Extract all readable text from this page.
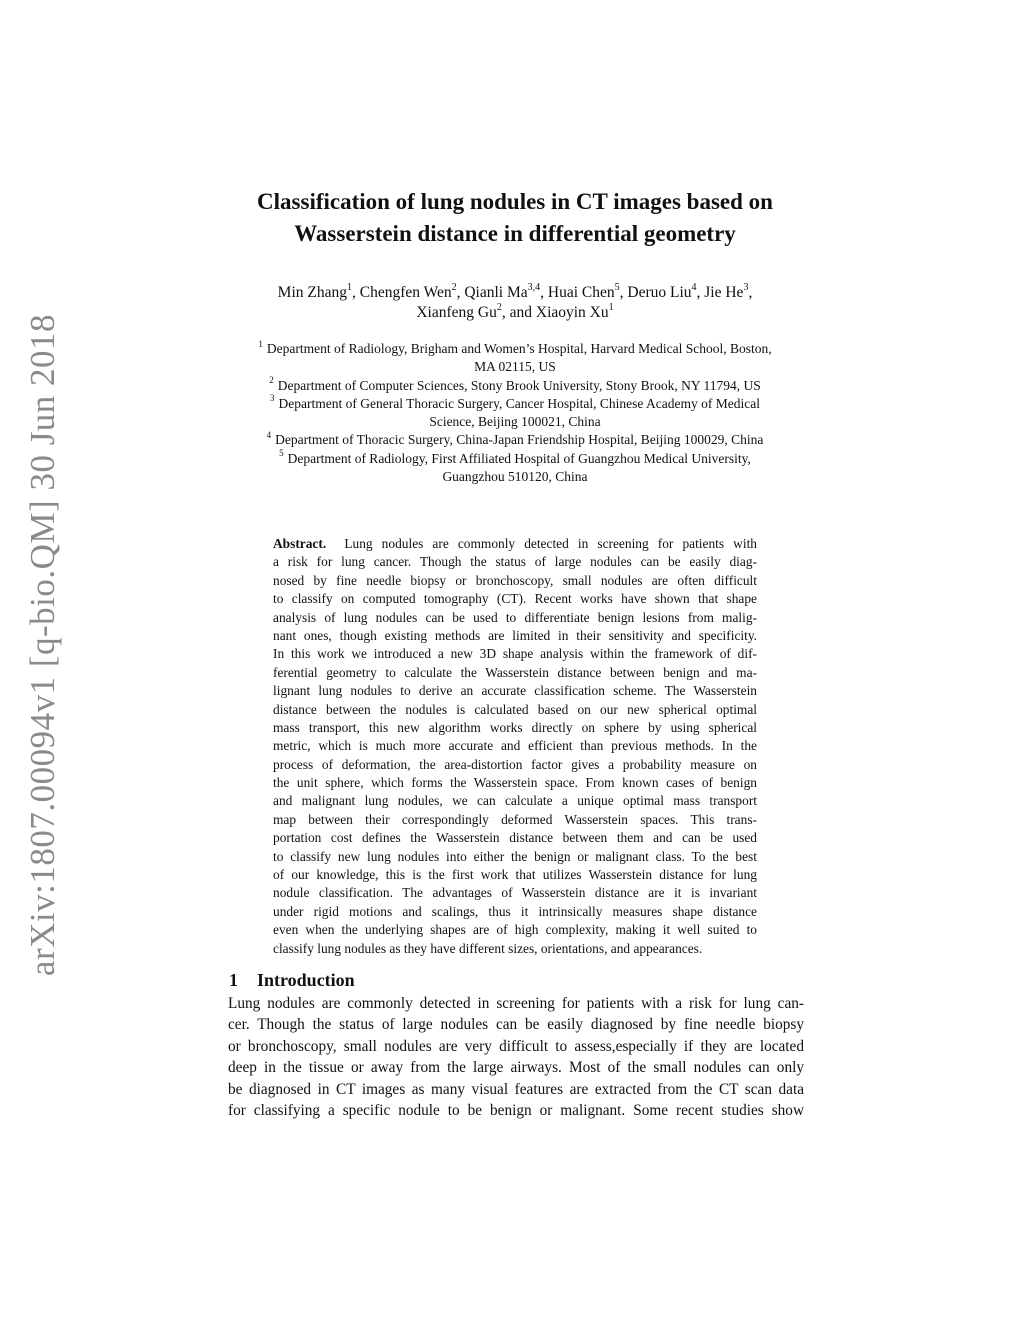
arXiv:1807.00094v1 [q-bio.QM] 30 Jun 2018
Classification of lung nodules in CT images based on
Wasserstein distance in differential geometry
Min Zhang$^1$, Chengfen Wen$^2$, Qianli Ma$^{3,4}$, Huai Chen$^5$, Deruo Liu$^4$, Jie He$^3$,
Xianfeng Gu$^2$, and Xiaoyin Xu$^1$
$^1$ Department of Radiology, Brigham and Women’s Hospital, Harvard Medical School, Boston,
MA 02115, US
$^2$ Department of Computer Sciences, Stony Brook University, Stony Brook, NY 11794, US
$^3$ Department of General Thoracic Surgery, Cancer Hospital, Chinese Academy of Medical
Science, Beijing 100021, China
$^4$ Department of Thoracic Surgery, China-Japan Friendship Hospital, Beijing 100029, China
$^5$ Department of Radiology, First Affiliated Hospital of Guangzhou Medical University,
Guangzhou 510120, China
Abstract. Lung nodules are commonly detected in screening for patients with
a risk for lung cancer. Though the status of large nodules can be easily diag-
nosed by fine needle biopsy or bronchoscopy, small nodules are often difficult
to classify on computed tomography (CT). Recent works have shown that shape
analysis of lung nodules can be used to differentiate benign lesions from malig-
nant ones, though existing methods are limited in their sensitivity and specificity.
In this work we introduced a new 3D shape analysis within the framework of dif-
ferential geometry to calculate the Wasserstein distance between benign and ma-
lignant lung nodules to derive an accurate classification scheme. The Wasserstein
distance between the nodules is calculated based on our new spherical optimal
mass transport, this new algorithm works directly on sphere by using spherical
metric, which is much more accurate and efficient than previous methods. In the
process of deformation, the area-distortion factor gives a probability measure on
the unit sphere, which forms the Wasserstein space. From known cases of benign
and malignant lung nodules, we can calculate a unique optimal mass transport
map between their correspondingly deformed Wasserstein spaces. This trans-
portation cost defines the Wasserstein distance between them and can be used
to classify new lung nodules into either the benign or malignant class. To the best
of our knowledge, this is the first work that utilizes Wasserstein distance for lung
nodule classification. The advantages of Wasserstein distance are it is invariant
under rigid motions and scalings, thus it intrinsically measures shape distance
even when the underlying shapes are of high complexity, making it well suited to
classify lung nodules as they have different sizes, orientations, and appearances.
1 Introduction
Lung nodules are commonly detected in screening for patients with a risk for lung can-
cer. Though the status of large nodules can be easily diagnosed by fine needle biopsy
or bronchoscopy, small nodules are very difficult to assess,especially if they are located
deep in the tissue or away from the large airways. Most of the small nodules can only
be diagnosed in CT images as many visual features are extracted from the CT scan data
for classifying a specific nodule to be benign or malignant. Some recent studies show
